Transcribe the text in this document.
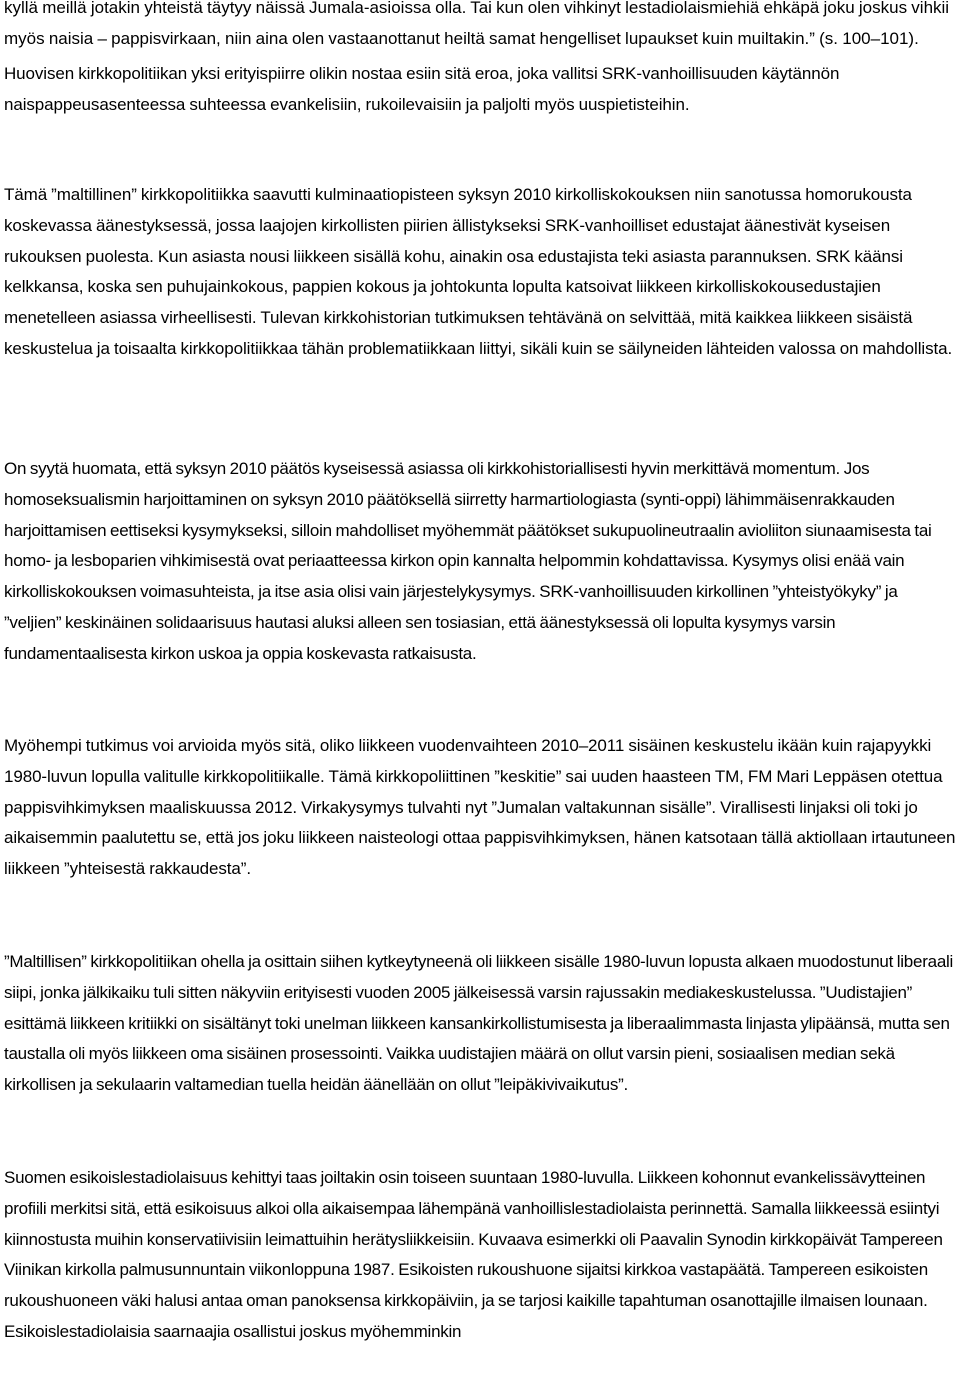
kyllä meillä jotakin yhteistä täytyy näissä Jumala-asioissa olla. Tai kun olen vihkinyt lestadiolaismiehiä ehkäpä joku joskus vihkii myös naisia – pappisvirkaan, niin aina olen vastaanottanut heiltä samat hengelliset lupaukset kuin muiltakin.” (s. 100–101).

Huovisen kirkkopolitiikan yksi erityispiirre olikin nostaa esiin sitä eroa, joka vallitsi SRK-vanhoillisuuden käytännön naispappeusasenteessa suhteessa evankelisiin, rukoilevaisiin ja paljolti myös uuspietisteihin.

Tämä ”maltillinen” kirkkopolitiikka saavutti kulminaatiopisteen syksyn 2010 kirkolliskokouksen niin sanotussa homorukousta koskevassa äänestyksessä, jossa laajojen kirkollisten piirien ällistykseksi SRK-vanhoilliset edustajat äänestivät kyseisen rukouksen puolesta. Kun asiasta nousi liikkeen sisällä kohu, ainakin osa edustajista teki asiasta parannuksen. SRK käänsi kelkkansa, koska sen puhujainkokous, pappien kokous ja johtokunta lopulta katsoivat liikkeen kirkolliskokousedustajien menetelleen asiassa virheellisesti. Tulevan kirkkohistorian tutkimuksen tehtävänä on selvittää, mitä kaikkea liikkeen sisäistä keskustelua ja toisaalta kirkkopolitiikkaa tähän problematiikkaan liittyi, sikäli kuin se säilyneiden lähteiden valossa on mahdollista.

On syytä huomata, että syksyn 2010 päätös kyseisessä asiassa oli kirkkohistoriallisesti hyvin merkittävä momentum. Jos homoseksualismin harjoittaminen on syksyn 2010 päätöksellä siirretty harmartiologiasta (synti-oppi) lähimmäisenrakkauden harjoittamisen eettiseksi kysymykseksi, silloin mahdolliset myöhemmät päätökset sukupuolineutraalin avioliiton siunaamisesta tai homo- ja lesboparien vihkimisestä ovat periaatteessa kirkon opin kannalta helpommin kohdattavissa. Kysymys olisi enää vain kirkolliskokouksen voimasuhteista, ja itse asia olisi vain järjestelykysymys. SRK-vanhoillisuuden kirkollinen ”yhteistyökyky” ja ”veljien” keskinäinen solidaarisuus hautasi aluksi alleen sen tosiasian, että äänestyksessä oli lopulta kysymys varsin fundamentaalisesta kirkon uskoa ja oppia koskevasta ratkaisusta.

Myöhempi tutkimus voi arvioida myös sitä, oliko liikkeen vuodenvaihteen 2010–2011 sisäinen keskustelu ikään kuin rajapyykki 1980-luvun lopulla valitulle kirkkopolitiikalle. Tämä kirkkopoliittinen ”keskitie” sai uuden haasteen TM, FM Mari Leppäsen otettua pappisvihkimyksen maaliskuussa 2012. Virkakysymys tulvahti nyt ”Jumalan valtakunnan sisälle”. Virallisesti linjaksi oli toki jo aikaisemmin paalutettu se, että jos joku liikkeen naisteologi ottaa pappisvihkimyksen, hänen katsotaan tällä aktiollaan irtautuneen liikkeen ”yhteisestä rakkaudesta”.

”Maltillisen” kirkkopolitiikan ohella ja osittain siihen kytkeytyneenä oli liikkeen sisälle 1980-luvun lopusta alkaen muodostunut liberaali siipi, jonka jälkikaiku tuli sitten näkyviin erityisesti vuoden 2005 jälkeisessä varsin rajussakin mediakeskustelussa. ”Uudistajien” esittämä liikkeen kritiikki on sisältänyt toki unelman liikkeen kansankirkollistumisesta ja liberaalimmasta linjasta ylipäänsä, mutta sen taustalla oli myös liikkeen oma sisäinen prosessointi. Vaikka uudistajien määrä on ollut varsin pieni, sosiaalisen median sekä kirkollisen ja sekulaarin valtamedian tuella heidän äänellään on ollut ”leipäkivivaikutus”.

Suomen esikoislestadiolaisuus kehittyi taas joiltakin osin toiseen suuntaan 1980-luvulla. Liikkeen kohonnut evankelissävytteinen profiili merkitsi sitä, että esikoisuus alkoi olla aikaisempaa lähempänä vanhoillislestadiolaista perinnettä. Samalla liikkeessä esiintyi kiinnostusta muihin konservatiivisiin leimattuihin herätysliikkeisiin. Kuvaava esimerkki oli Paavalin Synodin kirkkopäivät Tampereen Viinikan kirkolla palmusunnuntain viikonloppuna 1987. Esikoisten rukoushuone sijaitsi kirkkoa vastapäätä. Tampereen esikoisten rukoushuoneen väki halusi antaa oman panoksensa kirkkopäiviin, ja se tarjosi kaikille tapahtuman osanottajille ilmaisen lounaan. Esikoislestadiolaisia saarnaajia osallistui joskus myöhemminkin
